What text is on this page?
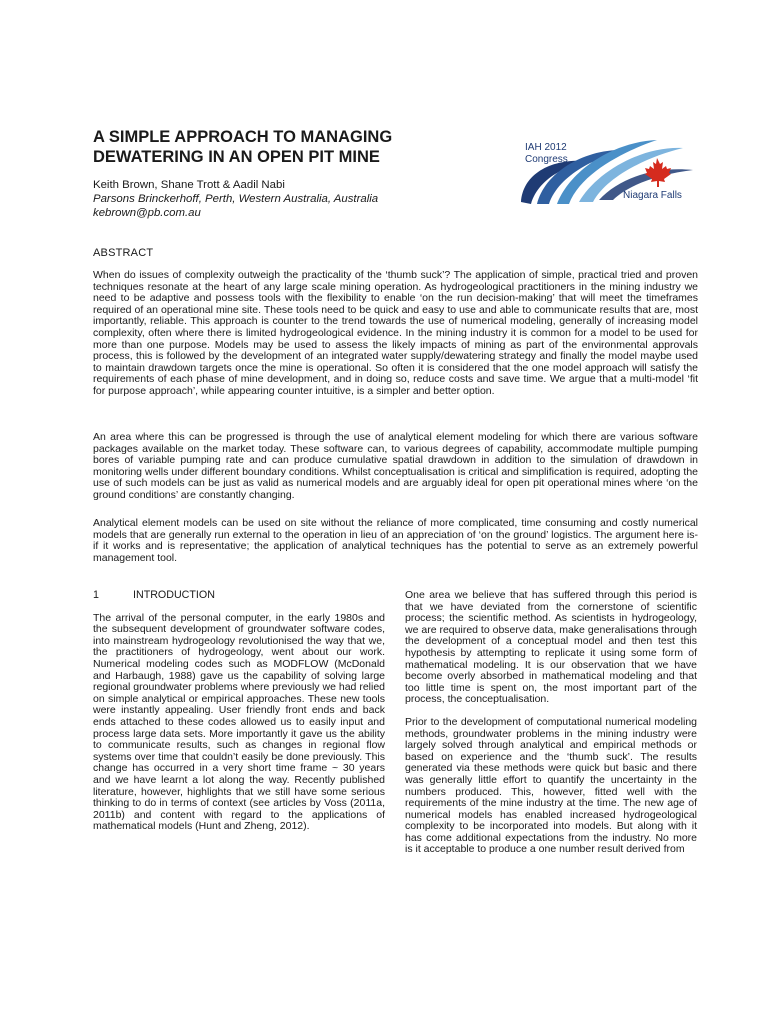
A SIMPLE APPROACH TO MANAGING
DEWATERING IN AN OPEN PIT MINE
Keith Brown, Shane Trott & Aadil Nabi
Parsons Brinckerhoff, Perth, Western Australia, Australia
kebrown@pb.com.au
IAH 2012
Congress
Niagara Falls
ABSTRACT

When do issues of complexity outweigh the practicality of the ‘thumb suck’? The application of simple, practical tried and proven techniques resonate at the heart of any large scale mining operation. As hydrogeological practitioners in the mining industry we need to be adaptive and possess tools with the flexibility to enable ‘on the run decision-making’ that will meet the timeframes required of an operational mine site. These tools need to be quick and easy to use and able to communicate results that are, most importantly, reliable. This approach is counter to the trend towards the use of numerical modeling, generally of increasing model complexity, often where there is limited hydrogeological evidence. In the mining industry it is common for a model to be used for more than one purpose. Models may be used to assess the likely impacts of mining as part of the environmental approvals process, this is followed by the development of an integrated water supply/dewatering strategy and finally the model maybe used to maintain drawdown targets once the mine is operational. So often it is considered that the one model approach will satisfy the requirements of each phase of mine development, and in doing so, reduce costs and save time. We argue that a multi-model ‘fit for purpose approach’, while appearing counter intuitive, is a simpler and better option.

An area where this can be progressed is through the use of analytical element modeling for which there are various software packages available on the market today. These software can, to various degrees of capability, accommodate multiple pumping bores of variable pumping rate and can produce cumulative spatial drawdown in addition to the simulation of drawdown in monitoring wells under different boundary conditions. Whilst conceptualisation is critical and simplification is required, adopting the use of such models can be just as valid as numerical models and are arguably ideal for open pit operational mines where ‘on the ground conditions’ are constantly changing.

Analytical element models can be used on site without the reliance of more complicated, time consuming and costly numerical models that are generally run external to the operation in lieu of an appreciation of ‘on the ground’ logistics. The argument here is- if it works and is representative; the application of analytical techniques has the potential to serve as an extremely powerful management tool.

1	INTRODUCTION

The arrival of the personal computer, in the early 1980s and the subsequent development of groundwater software codes, into mainstream hydrogeology revolutionised the way that we, the practitioners of hydrogeology, went about our work. Numerical modeling codes such as MODFLOW (McDonald and Harbaugh, 1988) gave us the capability of solving large regional groundwater problems where previously we had relied on simple analytical or empirical approaches. These new tools were instantly appealing. User friendly front ends and back ends attached to these codes allowed us to easily input and process large data sets. More importantly it gave us the ability to communicate results, such as changes in regional flow systems over time that couldn’t easily be done previously. This change has occurred in a very short time frame ~ 30 years and we have learnt a lot along the way. Recently published literature, however, highlights that we still have some serious thinking to do in terms of context (see articles by Voss (2011a, 2011b) and content with regard to the applications of mathematical models (Hunt and Zheng, 2012).

One area we believe that has suffered through this period is that we have deviated from the cornerstone of scientific process; the scientific method. As scientists in hydrogeology, we are required to observe data, make generalisations through the development of a conceptual model and then test this hypothesis by attempting to replicate it using some form of mathematical modeling. It is our observation that we have become overly absorbed in mathematical modeling and that too little time is spent on, the most important part of the process, the conceptualisation.

Prior to the development of computational numerical modeling methods, groundwater problems in the mining industry were largely solved through analytical and empirical methods or based on experience and the ‘thumb suck’. The results generated via these methods were quick but basic and there was generally little effort to quantify the uncertainty in the numbers produced. This, however, fitted well with the requirements of the mine industry at the time. The new age of numerical models has enabled increased hydrogeological complexity to be incorporated into models. But along with it has come additional expectations from the industry. No more is it acceptable to produce a one number result derived from
